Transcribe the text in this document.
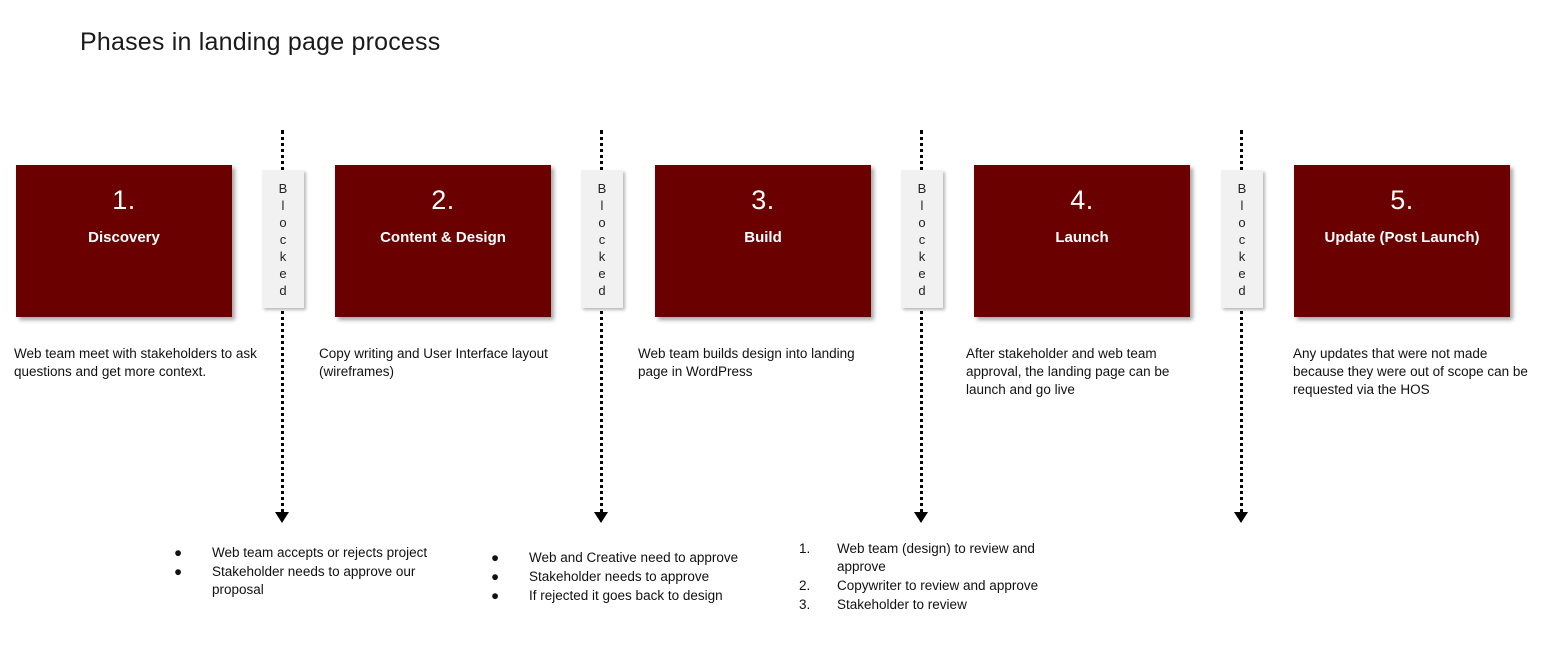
Phases in landing page process
1.
Discovery
Web team meet with stakeholders to ask questions and get more context.
B
l
o
c
k
e
d
●	Web team accepts or rejects project
●	Stakeholder needs to approve our proposal
2.
Content & Design
Copy writing and User Interface layout (wireframes)
B
l
o
c
k
e
d
●	Web and Creative need to approve
●	Stakeholder needs to approve
●	If rejected it goes back to design
3.
Build
Web team builds design into landing page in WordPress
B
l
o
c
k
e
d
1.	Web team (design) to review and approve
2.	Copywriter to review and approve
3.	Stakeholder to review
4.
Launch
After stakeholder and web team approval, the landing page can be launch and go live
B
l
o
c
k
e
d
5.
Update (Post Launch)
Any updates that were not made because they were out of scope can be requested via the HOS
